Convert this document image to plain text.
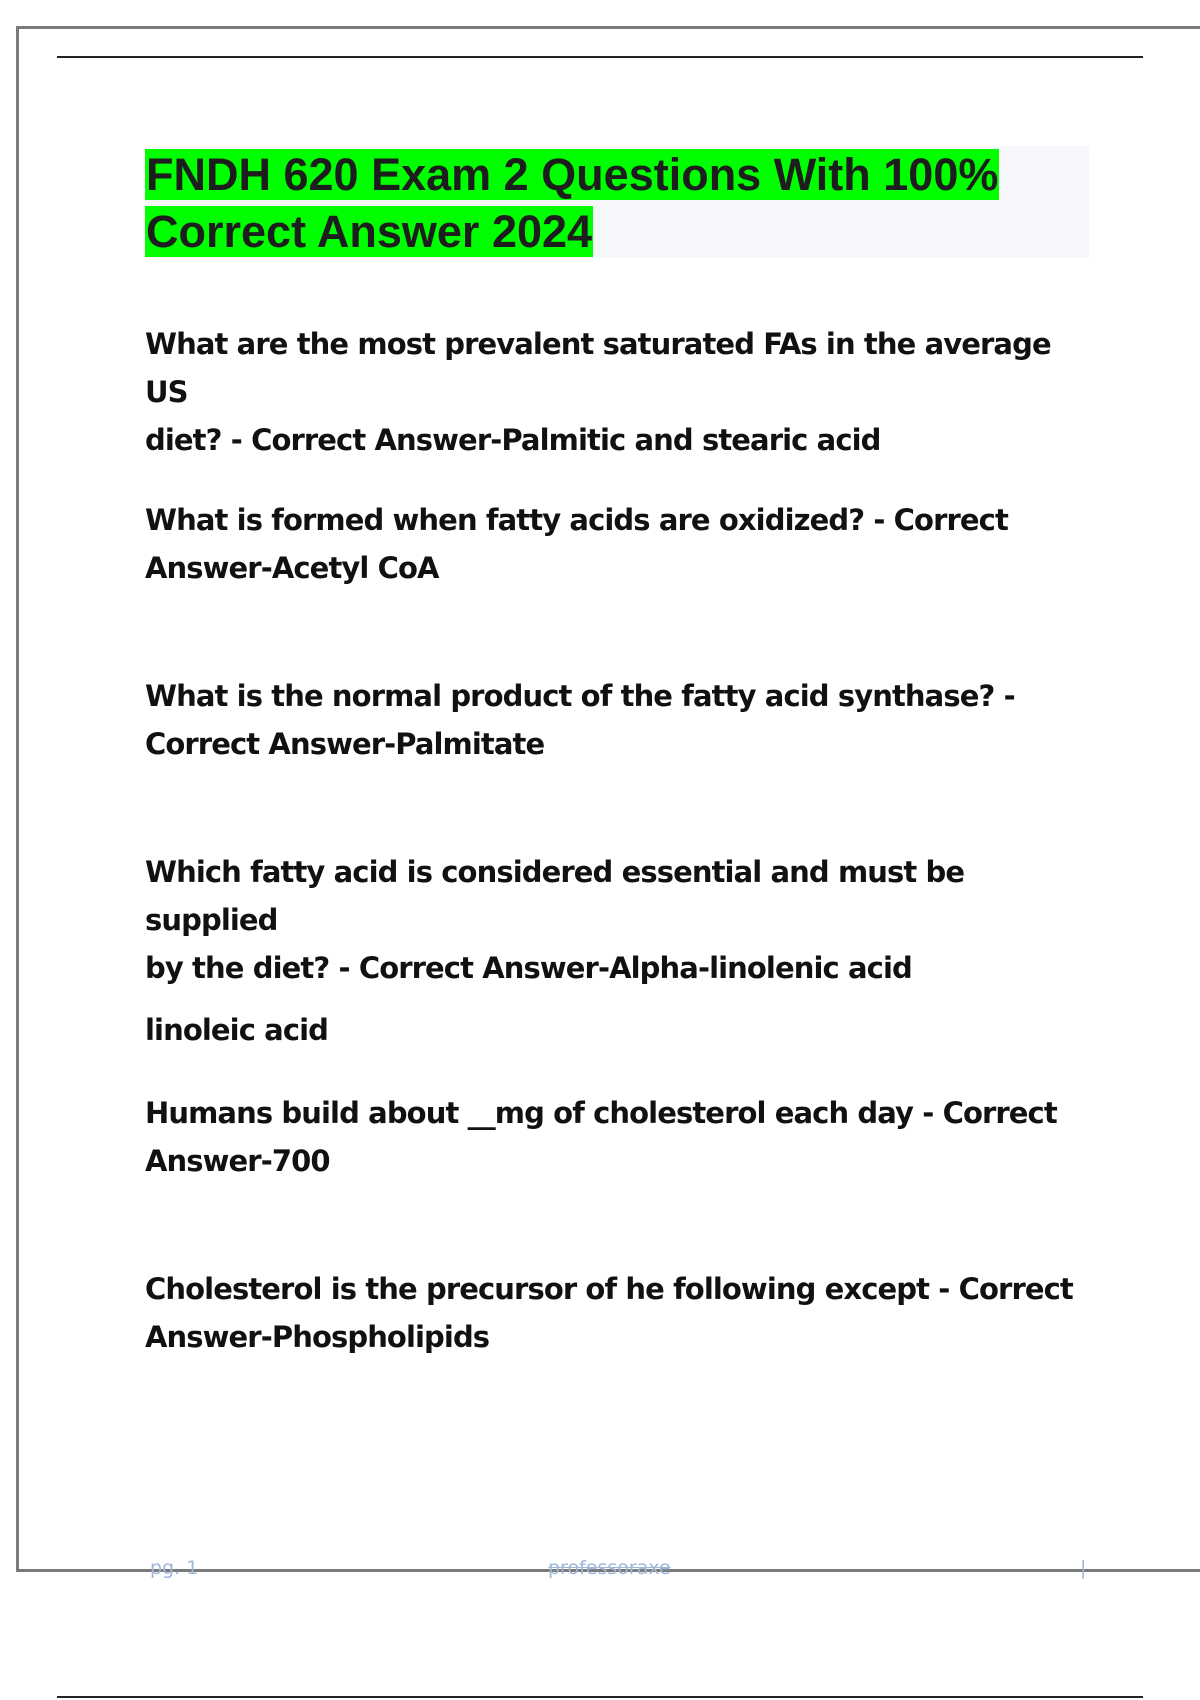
FNDH 620 Exam 2 Questions With 100%
Correct Answer 2024

What are the most prevalent saturated FAs in the average US
diet? - Correct Answer-Palmitic and stearic acid

What is formed when fatty acids are oxidized? - Correct
Answer-Acetyl CoA

What is the normal product of the fatty acid synthase? -
Correct Answer-Palmitate

Which fatty acid is considered essential and must be supplied
by the diet? - Correct Answer-Alpha-linolenic acid
linoleic acid

Humans build about __mg of cholesterol each day - Correct
Answer-700

Cholesterol is the precursor of he following except - Correct
Answer-Phospholipids

pg. 1	professoraxe	|
